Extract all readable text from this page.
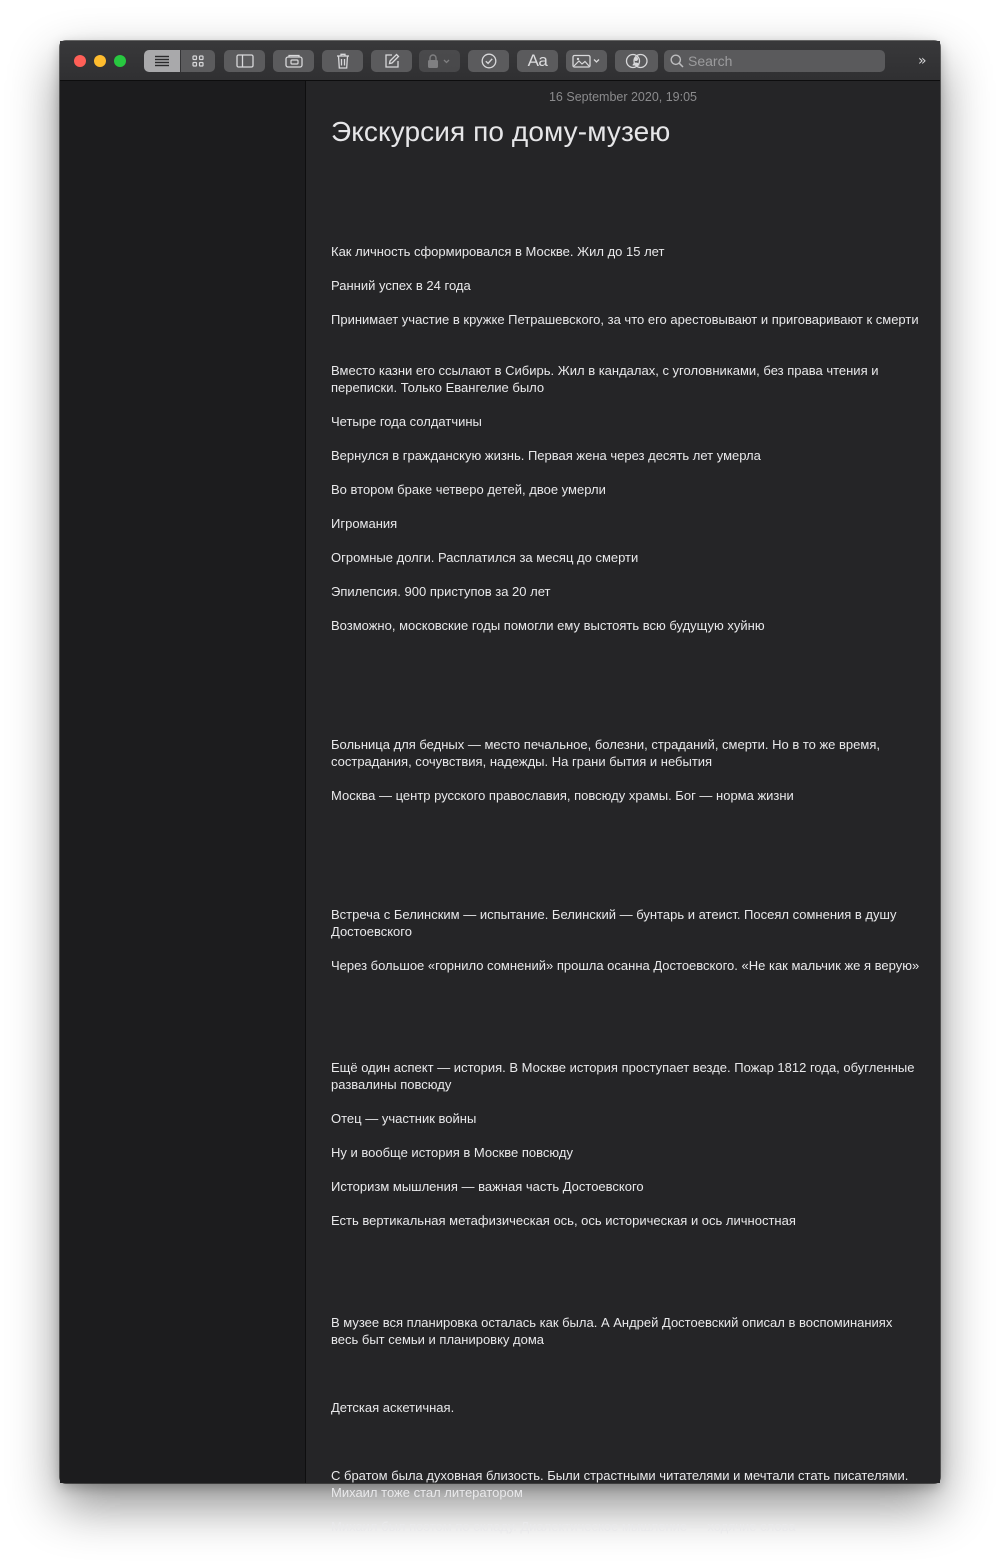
Aa
Search	»
16 September 2020, 19:05
Экскурсия по дому-музею

Как личность сформировался в Москве. Жил до 15 лет

Ранний успех в 24 года

Принимает участие в кружке Петрашевского, за что его арестовывают и приговаривают к смерти

Вместо казни его ссылают в Сибирь. Жил в кандалах, с уголовниками, без права чтения и переписки. Только Евангелие было

Четыре года солдатчины

Вернулся в гражданскую жизнь. Первая жена через десять лет умерла

Во втором браке четверо детей, двое умерли

Игромания

Огромные долги. Расплатился за месяц до смерти

Эпилепсия. 900 приступов за 20 лет

Возможно, московские годы помогли ему выстоять всю будущую хуйню

Больница для бедных — место печальное, болезни, страданий, смерти. Но в то же время, сострадания, сочувствия, надежды. На грани бытия и небытия

Москва — центр русского православия, повсюду храмы. Бог — норма жизни

Встреча с Белинским — испытание. Белинский — бунтарь и атеист. Посеял сомнения в душу Достоевского

Через большое «горнило сомнений» прошла осанна Достоевского. «Не как мальчик же я верую»

Ещё один аспект — история. В Москве история проступает везде. Пожар 1812 года, обугленные развалины повсюду

Отец — участник войны

Ну и вообще история в Москве повсюду

Историзм мышления — важная часть Достоевского

Есть вертикальная метафизическая ось, ось историческая и ось личностная

В музее вся планировка осталась как была. А Андрей Достоевский описал в воспоминаниях весь быт семьи и планировку дома

Детская аскетичная.

С братом была духовная близость. Были страстными читателями и мечтали стать писателями. Михаил тоже стал литератором

Михаил был поэтом по складу. Диалектическое мышление — ходячие слова
